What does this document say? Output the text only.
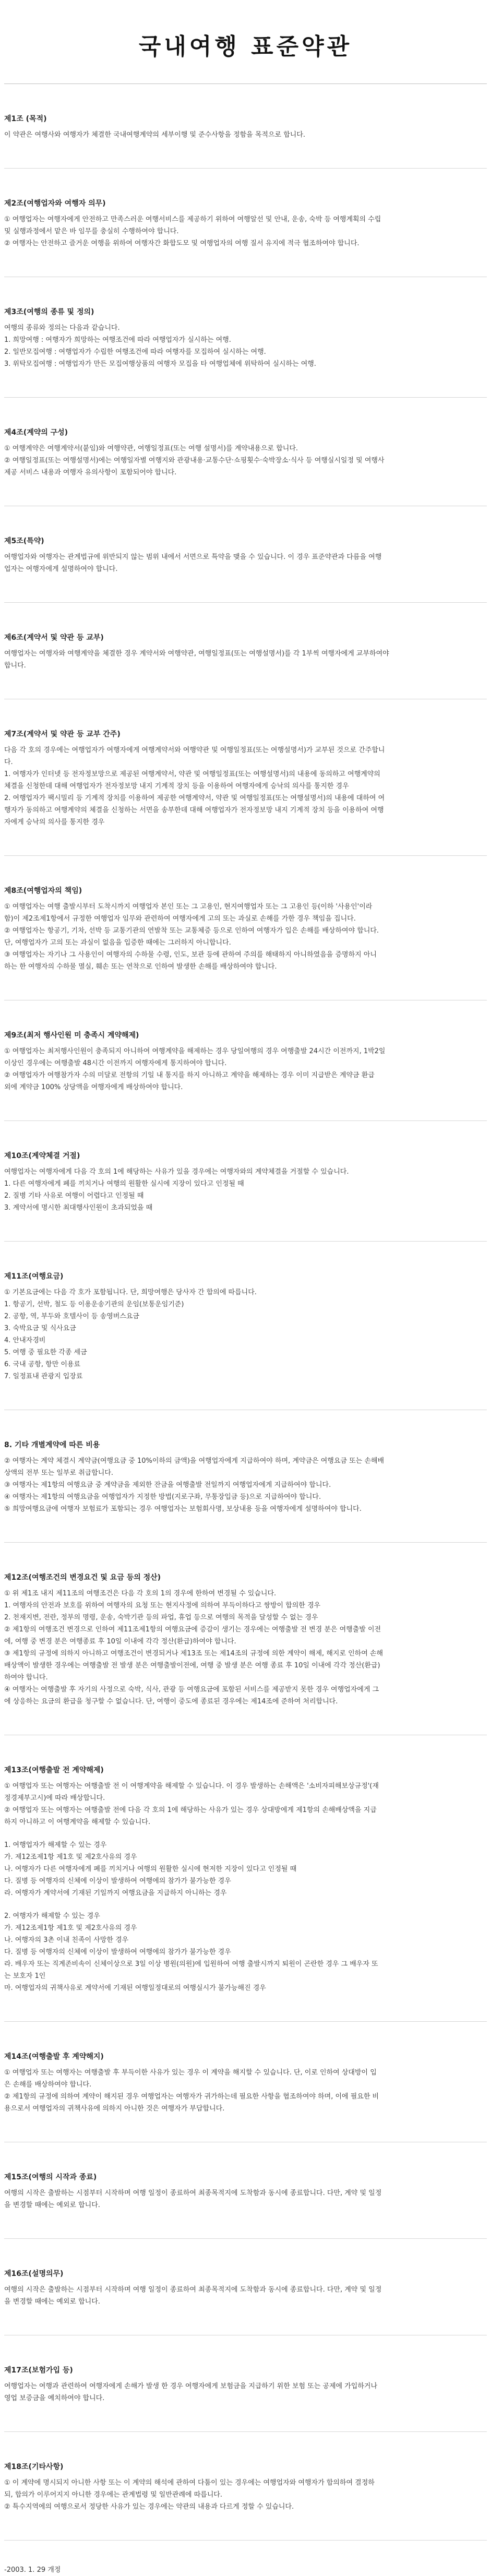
국내여행 표준약관
제1조 (목적)

이 약관은 여행사와 여행자가 체결한 국내여행계약의 세부이행 및 준수사항을 정함을 목적으로 합니다.

제2조(여행업자와 여행자 의무)

① 여행업자는 여행자에게 안전하고 만족스러운 여행서비스를 제공하기 위하여 여행알선 및 안내, 운송, 숙박 등 여행계획의 수립

및 실행과정에서 맡은 바 임무를 충실히 수행하여야 합니다.

② 여행자는 안전하고 즐거운 여행을 위하여 여행자간 화합도모 및 여행업자의 여행 질서 유지에 적극 협조하여야 합니다.

제3조(여행의 종류 및 정의)

여행의 종류와 정의는 다음과 같습니다.

1. 희망여행 : 여행자가 희망하는 여행조건에 따라 여행업자가 실시하는 여행.

2. 일반모집여행 : 여행업자가 수립한 여행조건에 따라 여행자를 모집하여 실시하는 여행.

3. 위탁모집여행 : 여행업자가 만든 모집여행상품의 여행자 모집을 타 여행업체에 위탁하여 실시하는 여행.

제4조(계약의 구성)

① 여행계약은 여행계약서(붙임)와 여행약관, 여행일정표(또는 여행 설명서)를 계약내용으로 합니다.

② 여행일정표(또는 여행설명서)에는 여행일자별 여행지와 관광내용·교통수단·쇼핑횟수·숙박장소·식사 등 여행실시일정 및 여행사

제공 서비스 내용과 여행자 유의사항이 포함되어야 합니다.

제5조(특약)

여행업자와 여행자는 관계법규에 위반되지 않는 범위 내에서 서면으로 특약을 맺을 수 있습니다. 이 경우 표준약관과 다름을 여행

업자는 여행자에게 설명하여야 합니다.

제6조(계약서 및 약관 등 교부)

여행업자는 여행자와 여행계약을 체결한 경우 계약서와 여행약관, 여행일정표(또는 여행설명서)를 각 1부씩 여행자에게 교부하여야

합니다.

제7조(계약서 및 약관 등 교부 간주)

다음 각 호의 경우에는 여행업자가 여행자에게 여행계약서와 여행약관 및 여행일정표(또는 여행설명서)가 교부된 것으로 간주합니

다.

1. 여행자가 인터넷 등 전자정보망으로 제공된 여행계약서, 약관 및 여행일정표(또는 여행설명서)의 내용에 동의하고 여행계약의

체결을 신청한데 대해 여행업자가 전자정보망 내지 기계적 장치 등을 이용하여 여행자에게 승낙의 의사를 통지한 경우

2. 여행업자가 팩시밀리 등 기계적 장치를 이용하여 제공한 여행계약서, 약관 및 여행일정표(또는 여행설명서)의 내용에 대하여 여

행자가 동의하고 여행계약의 체결을 신청하는 서면을 송부한데 대해 여행업자가 전자정보망 내지 기계적 장치 등을 이용하여 여행

자에게 승낙의 의사를 통지한 경우

제8조(여행업자의 책임)

① 여행업자는 여행 출발시부터 도착시까지 여행업자 본인 또는 그 고용인, 현지여행업자 또는 그 고용인 등(이하 '사용인'이라

함)이 제2조제1항에서 규정한 여행업자 임무와 관련하여 여행자에게 고의 또는 과실로 손해를 가한 경우 책임을 집니다.

② 여행업자는 항공기, 기차, 선박 등 교통기관의 연발착 또는 교통체증 등으로 인하여 여행자가 입은 손해를 배상하여야 합니다.

단, 여행업자가 고의 또는 과실이 없음을 입증한 때에는 그러하지 아니합니다.

③ 여행업자는 자기나 그 사용인이 여행자의 수하물 수령, 인도, 보관 등에 관하여 주의를 해태하지 아니하였음을 증명하지 아니

하는 한 여행자의 수하물 멸실, 훼손 또는 연착으로 인하여 발생한 손해를 배상하여야 합니다.

제9조(최저 행사인원 미 충족시 계약해제)

① 여행업자는 최저행사인원이 충족되지 아니하여 여행계약을 해제하는 경우 당일여행의 경우 여행출발 24시간 이전까지, 1박2일

이상인 경우에는 여행출발 48시간 이전까지 여행자에게 통지하여야 합니다.

② 여행업자가 여행참가자 수의 미달로 전항의 기일 내 통지를 하지 아니하고 계약을 해제하는 경우 이미 지급받은 계약금 환급

외에 계약금 100% 상당액을 여행자에게 배상하여야 합니다.

제10조(계약체결 거절)

여행업자는 여행자에게 다음 각 호의 1에 해당하는 사유가 있을 경우에는 여행자와의 계약체결을 거절할 수 있습니다.

1. 다른 여행자에게 폐를 끼치거나 여행의 원활한 실시에 지장이 있다고 인정될 때

2. 질병 기타 사유로 여행이 어렵다고 인정될 때

3. 계약서에 명시한 최대행사인원이 초과되었을 때

제11조(여행요금)

① 기본요금에는 다음 각 호가 포함됩니다. 단, 희망여행은 당사자 간 합의에 따릅니다.

1. 항공기, 선박, 철도 등 이용운송기관의 운임(보통운임기준)

2. 공항, 역, 부두와 호텔사이 등 송영버스요금

3. 숙박요금 및 식사요금

4. 안내자경비

5. 여행 중 필요한 각종 세금

6. 국내 공항, 항만 이용료

7. 일정표내 관광지 입장료

8. 기타 개별계약에 따른 비용

② 여행자는 계약 체결시 계약금(여행요금 중 10%이하의 금액)을 여행업자에게 지급하여야 하며, 계약금은 여행요금 또는 손해배

상액의 전부 또는 일부로 취급합니다.

③ 여행자는 제1항의 여행요금 중 계약금을 제외한 잔금을 여행출발 전일까지 여행업자에게 지급하여야 합니다.

④ 여행자는 제1항의 여행요금을 여행업자가 지정한 방법(지로구좌, 무통장입금 등)으로 지급하여야 합니다.

⑤ 희망여행요금에 여행자 보험료가 포함되는 경우 여행업자는 보험회사명, 보상내용 등을 여행자에게 설명하여야 합니다.

제12조(여행조건의 변경요건 및 요금 등의 정산)

① 위 제1조 내지 제11조의 여행조건은 다음 각 호의 1의 경우에 한하여 변경될 수 있습니다.

1. 여행자의 안전과 보호를 위하여 여행자의 요청 또는 현지사정에 의하여 부득이하다고 쌍방이 합의한 경우

2. 천재지변, 전란, 정부의 명령, 운송, 숙박기관 등의 파업, 휴업 등으로 여행의 목적을 달성할 수 없는 경우

② 제1항의 여행조건 변경으로 인하여 제11조제1항의 여행요금에 증감이 생기는 경우에는 여행출발 전 변경 분은 여행출발 이전

에, 여행 중 변경 분은 여행종료 후 10일 이내에 각각 정산(환급)하여야 합니다.

③ 제1항의 규정에 의하지 아니하고 여행조건이 변경되거나 제13조 또는 제14조의 규정에 의한 계약이 해제, 해지로 인하여 손해

배상액이 발생한 경우에는 여행출발 전 발생 분은 여행출발이전에, 여행 중 발생 분은 여행 종료 후 10일 이내에 각각 정산(환급)

하여야 합니다.

④ 여행자는 여행출발 후 자기의 사정으로 숙박, 식사, 관광 등 여행요금에 포함된 서비스를 제공받지 못한 경우 여행업자에게 그

에 상응하는 요금의 환급을 청구할 수 없습니다. 단, 여행이 중도에 종료된 경우에는 제14조에 준하여 처리합니다.

제13조(여행출발 전 계약해제)

① 여행업자 또는 여행자는 여행출발 전 이 여행계약을 해제할 수 있습니다. 이 경우 발생하는 손해액은 '소비자피해보상규정'(재

정경제부고시)에 따라 배상합니다.

② 여행업자 또는 여행자는 여행출발 전에 다음 각 호의 1에 해당하는 사유가 있는 경우 상대방에게 제1항의 손해배상액을 지급

하지 아니하고 이 여행계약을 해제할 수 있습니다.

1. 여행업자가 해제할 수 있는 경우

가. 제12조제1항 제1호 및 제2호사유의 경우

나. 여행자가 다른 여행자에게 폐를 끼치거나 여행의 원활한 실시에 현저한 지장이 있다고 인정될 때

다. 질병 등 여행자의 신체에 이상이 발생하여 여행에의 참가가 불가능한 경우

라. 여행자가 계약서에 기재된 기일까지 여행요금을 지급하지 아니하는 경우

2. 여행자가 해제할 수 있는 경우

가. 제12조제1항 제1호 및 제2호사유의 경우

나. 여행자의 3촌 이내 친족이 사망한 경우

다. 질병 등 여행자의 신체에 이상이 발생하여 여행에의 참가가 불가능한 경우

라. 배우자 또는 직계존비속이 신체이상으로 3일 이상 병원(의원)에 입원하여 여행 출발시까지 퇴원이 곤란한 경우 그 배우자 또

는 보호자 1인

마. 여행업자의 귀책사유로 계약서에 기재된 여행일정대로의 여행실시가 불가능해진 경우

제14조(여행출발 후 계약해지)

① 여행업자 또는 여행자는 여행출발 후 부득이한 사유가 있는 경우 이 계약을 해지할 수 있습니다. 단, 이로 인하여 상대방이 입

은 손해를 배상하여야 합니다.

② 제1항의 규정에 의하여 계약이 해지된 경우 여행업자는 여행자가 귀가하는데 필요한 사항을 협조하여야 하며, 이에 필요한 비

용으로서 여행업자의 귀책사유에 의하지 아니한 것은 여행자가 부담합니다.

제15조(여행의 시작과 종료)

여행의 시작은 출발하는 시점부터 시작하며 여행 일정이 종료하여 최종목적지에 도착함과 동시에 종료합니다. 다만, 계약 및 일정

을 변경할 때에는 예외로 합니다.

제16조(설명의무)

여행의 시작은 출발하는 시점부터 시작하며 여행 일정이 종료하여 최종목적지에 도착함과 동시에 종료합니다. 다만, 계약 및 일정

을 변경할 때에는 예외로 합니다.

제17조(보험가입 등)

여행업자는 여행과 관련하여 여행자에게 손해가 발생 한 경우 여행자에게 보험금을 지급하기 위한 보험 또는 공제에 가입하거나

영업 보증금을 예치하여야 합니다.

제18조(기타사항)

① 이 계약에 명시되지 아니한 사항 또는 이 계약의 해석에 관하여 다툼이 있는 경우에는 여행업자와 여행자가 합의하여 결정하

되, 합의가 이루어지지 아니한 경우에는 관계법령 및 일반관례에 따릅니다.

② 특수지역에의 여행으로서 정당한 사유가 있는 경우에는 약관의 내용과 다르게 정할 수 있습니다.

-2003. 1. 29 개정
